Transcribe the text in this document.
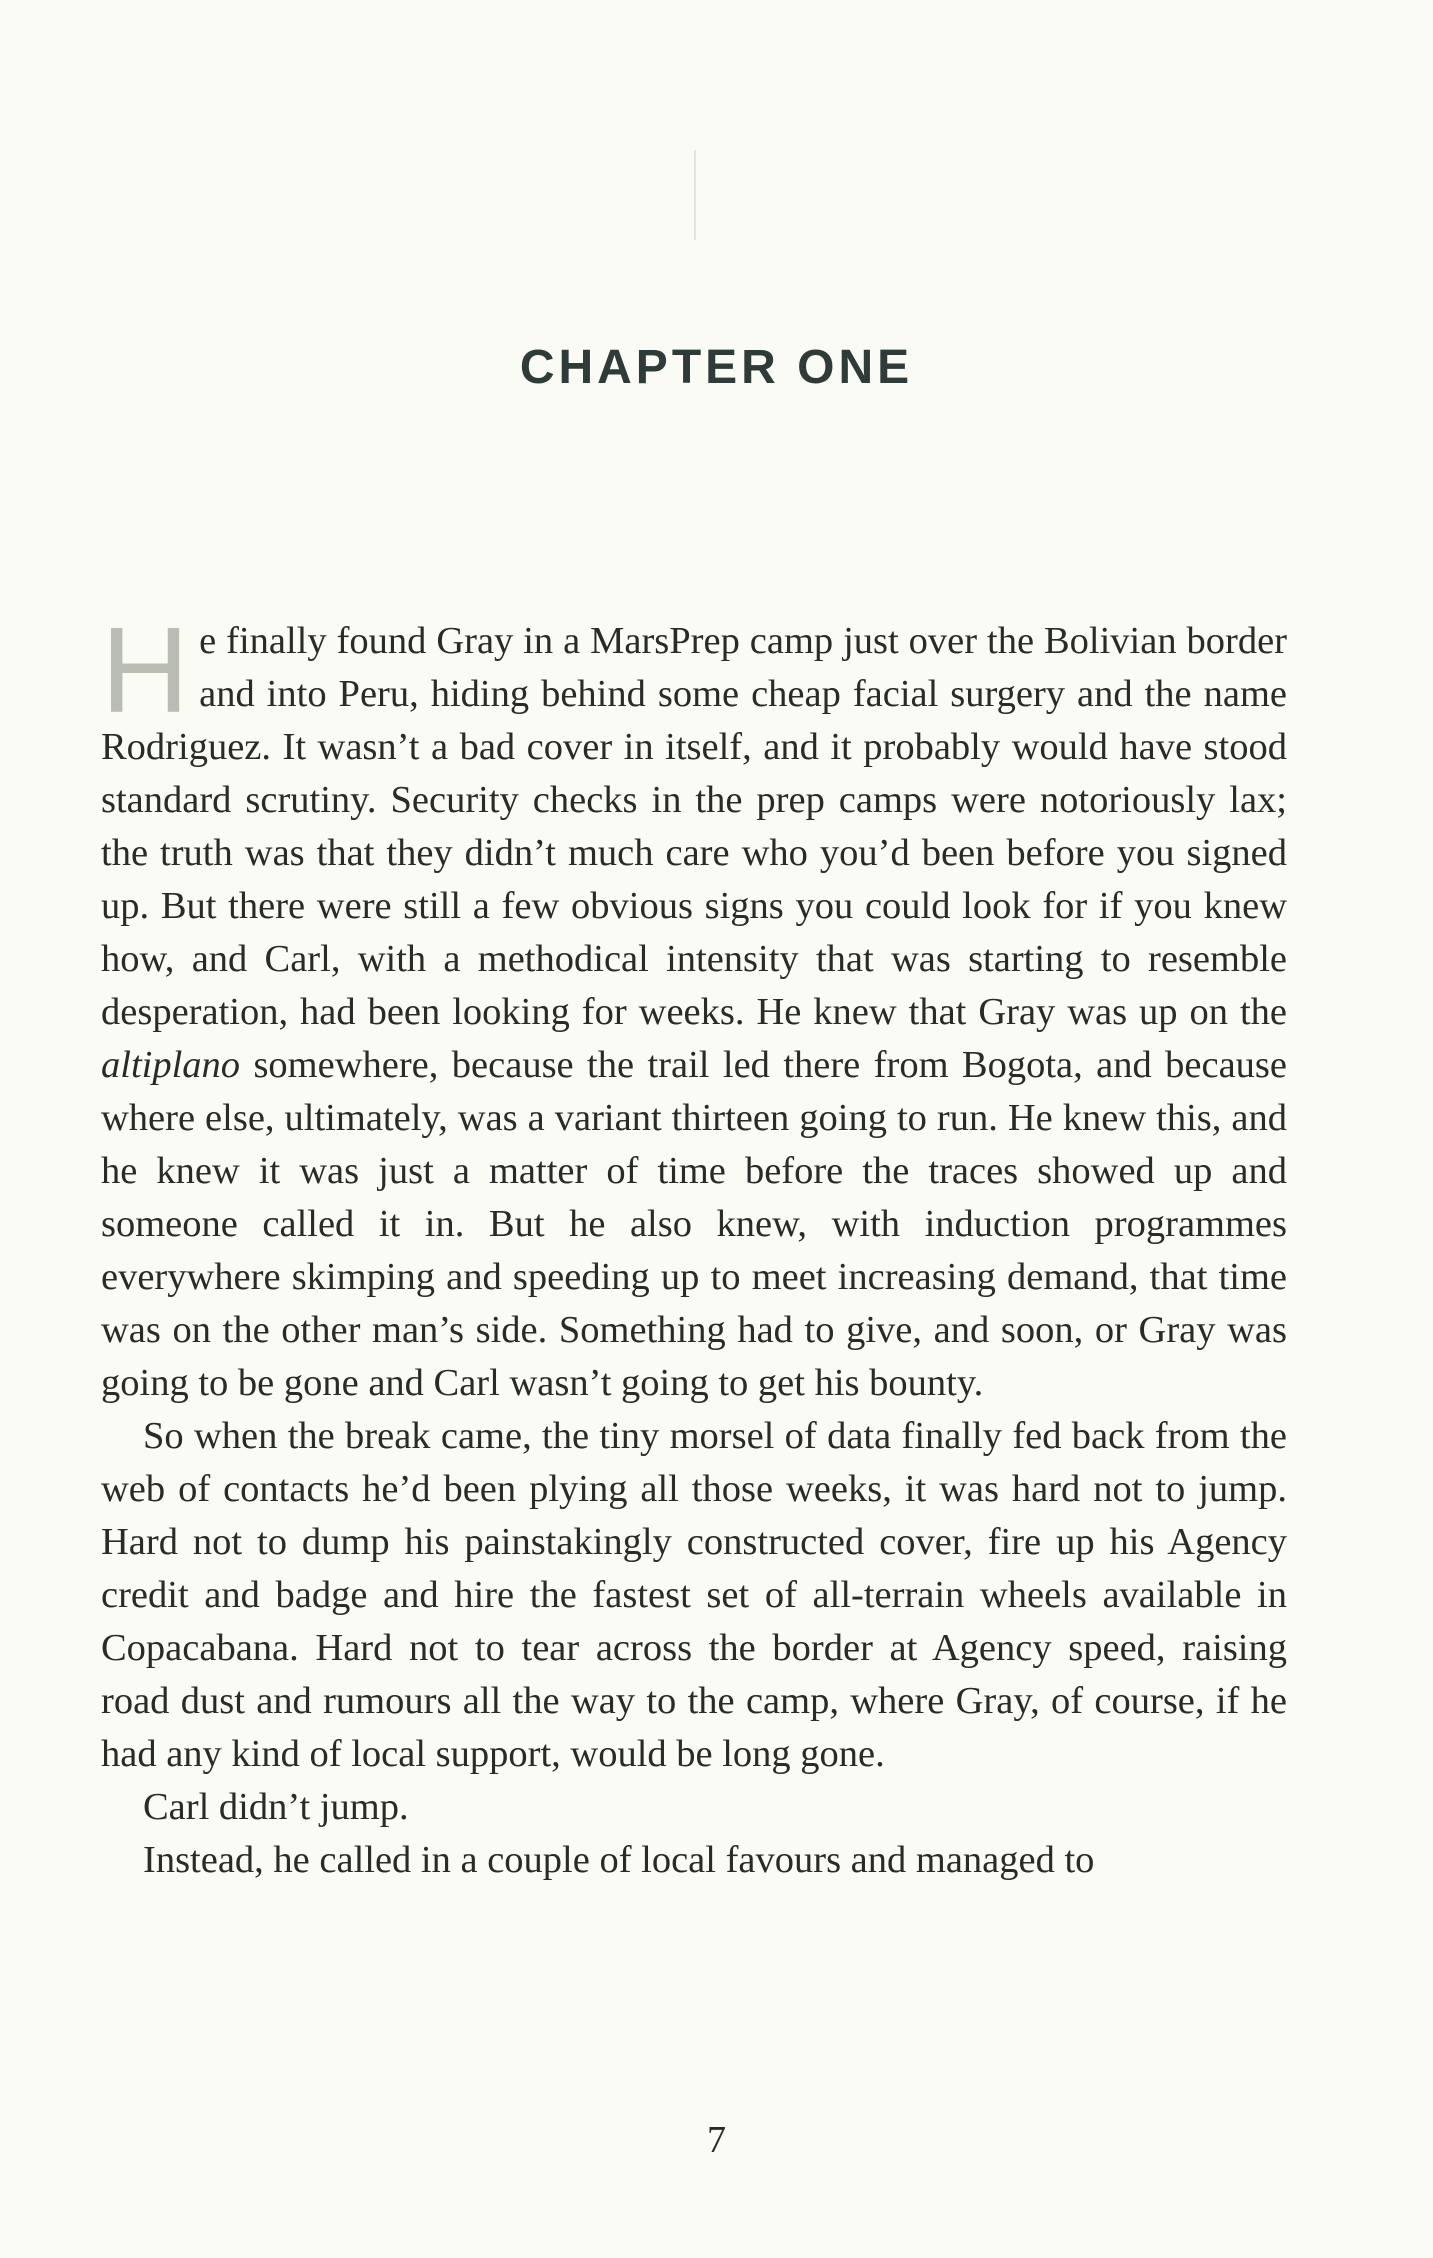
CHAPTER ONE

He finally found Gray in a MarsPrep camp just over the Bolivian border and into Peru, hiding behind some cheap facial surgery and the name Rodriguez. It wasn’t a bad cover in itself, and it probably would have stood standard scrutiny. Security checks in the prep camps were notoriously lax; the truth was that they didn’t much care who you’d been before you signed up. But there were still a few obvious signs you could look for if you knew how, and Carl, with a methodical intensity that was starting to resemble desperation, had been looking for weeks. He knew that Gray was up on the altiplano somewhere, because the trail led there from Bogota, and because where else, ultimately, was a variant thirteen going to run. He knew this, and he knew it was just a matter of time before the traces showed up and someone called it in. But he also knew, with induction programmes everywhere skimping and speeding up to meet increasing demand, that time was on the other man’s side. Something had to give, and soon, or Gray was going to be gone and Carl wasn’t going to get his bounty.

So when the break came, the tiny morsel of data finally fed back from the web of contacts he’d been plying all those weeks, it was hard not to jump. Hard not to dump his painstakingly constructed cover, fire up his Agency credit and badge and hire the fastest set of all-terrain wheels available in Copacabana. Hard not to tear across the border at Agency speed, raising road dust and rumours all the way to the camp, where Gray, of course, if he had any kind of local support, would be long gone.

Carl didn’t jump.

Instead, he called in a couple of local favours and managed to

7
